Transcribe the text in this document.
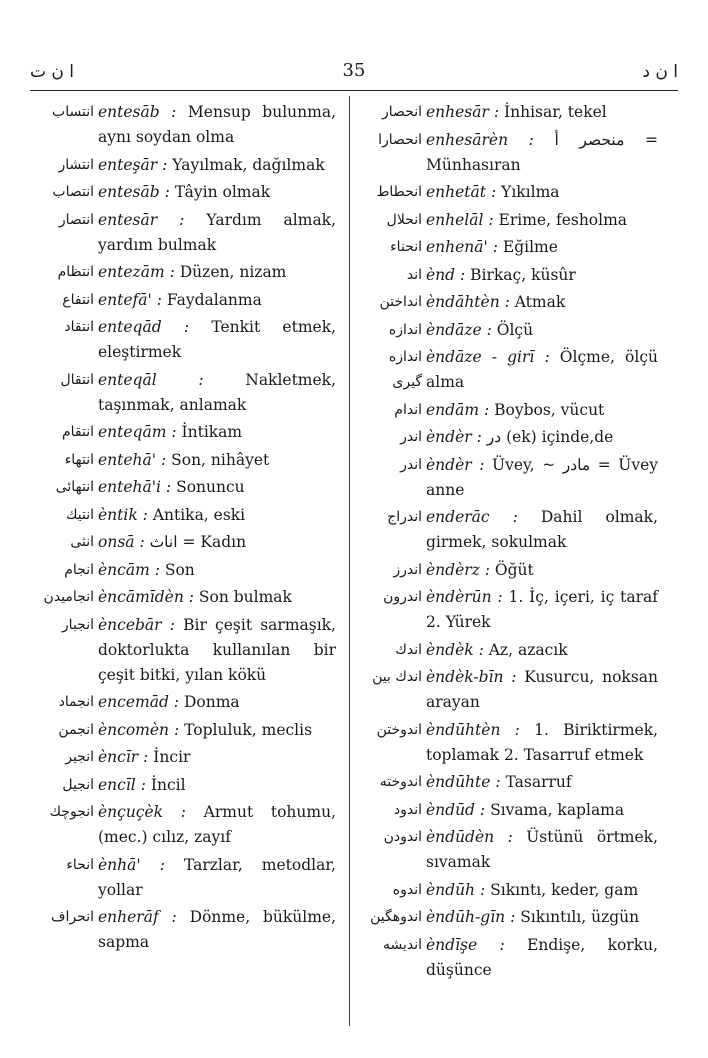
ا ن ت	35	ا ن د
انتساب entesāb : Mensup bulunma, aynı soydan olma
انتشار enteşār : Yayılmak, dağılmak
انتصاب entesāb : Tâyin olmak
انتصار entesār : Yardım almak, yardım bulmak
انتظام entezām : Düzen, nizam
انتفاع entefā' : Faydalanma
انتقاد enteqād : Tenkit etmek, eleştirmek
انتقال enteqāl : Nakletmek, taşınmak, anlamak
انتقام enteqām : İntikam
انتهاء entehā' : Son, nihâyet
انتهائى entehā'i : Sonuncu
انتيك èntik : Antika, eski
انثى onsā : اناث = Kadın
انجام èncām : Son
انجاميدن èncāmīdèn : Son bulmak
انجبار èncebār : Bir çeşit sarmaşık, doktorlukta kullanılan bir çeşit bitki, yılan kökü
انجماد encemād : Donma
انجمن èncomèn : Topluluk, meclis
انجير èncīr : İncir
انجيل encīl : İncil
انجوچك ènçuçèk : Armut tohumu, (mec.) cılız, zayıf
انحاء ènhā' : Tarzlar, metodlar, yollar
انحراف enherāf : Dönme, bükülme, sapma
انحصار enhesār : İnhisar, tekel
انحصارا enhesārèn : منحصر أ = Münhasıran
انحطاط enhetāt : Yıkılma
انحلال enhelāl : Erime, fesholma
انحناء enhenā' : Eğilme
اند ènd : Birkaç, küsûr
انداختن èndāhtèn : Atmak
اندازه èndāze : Ölçü
اندازه گيرى
èndāze - girī : Ölçme, ölçü alma
اندام endām : Boybos, vücut
اندر èndèr : در (ek) içinde,de
اندر èndèr : Üvey, ~ مادر = Üvey anne
اندراج enderāc : Dahil olmak, girmek, sokulmak
اندرز èndèrz : Öğüt
اندرون èndèrūn : 1. İç, içeri, iç taraf 2. Yürek
اندك èndèk : Az, azacık
اندك بين èndèk-bīn : Kusurcu, noksan arayan
اندوختن èndūhtèn : 1. Biriktirmek, toplamak 2. Tasarruf etmek
اندوخته èndūhte : Tasarruf
اندود èndūd : Sıvama, kaplama
اندودن èndūdèn : Üstünü örtmek, sıvamak
اندوه èndūh : Sıkıntı, keder, gam
اندوهگين èndūh-gīn : Sıkıntılı, üzgün
انديشه èndīşe : Endişe, korku, düşünce
